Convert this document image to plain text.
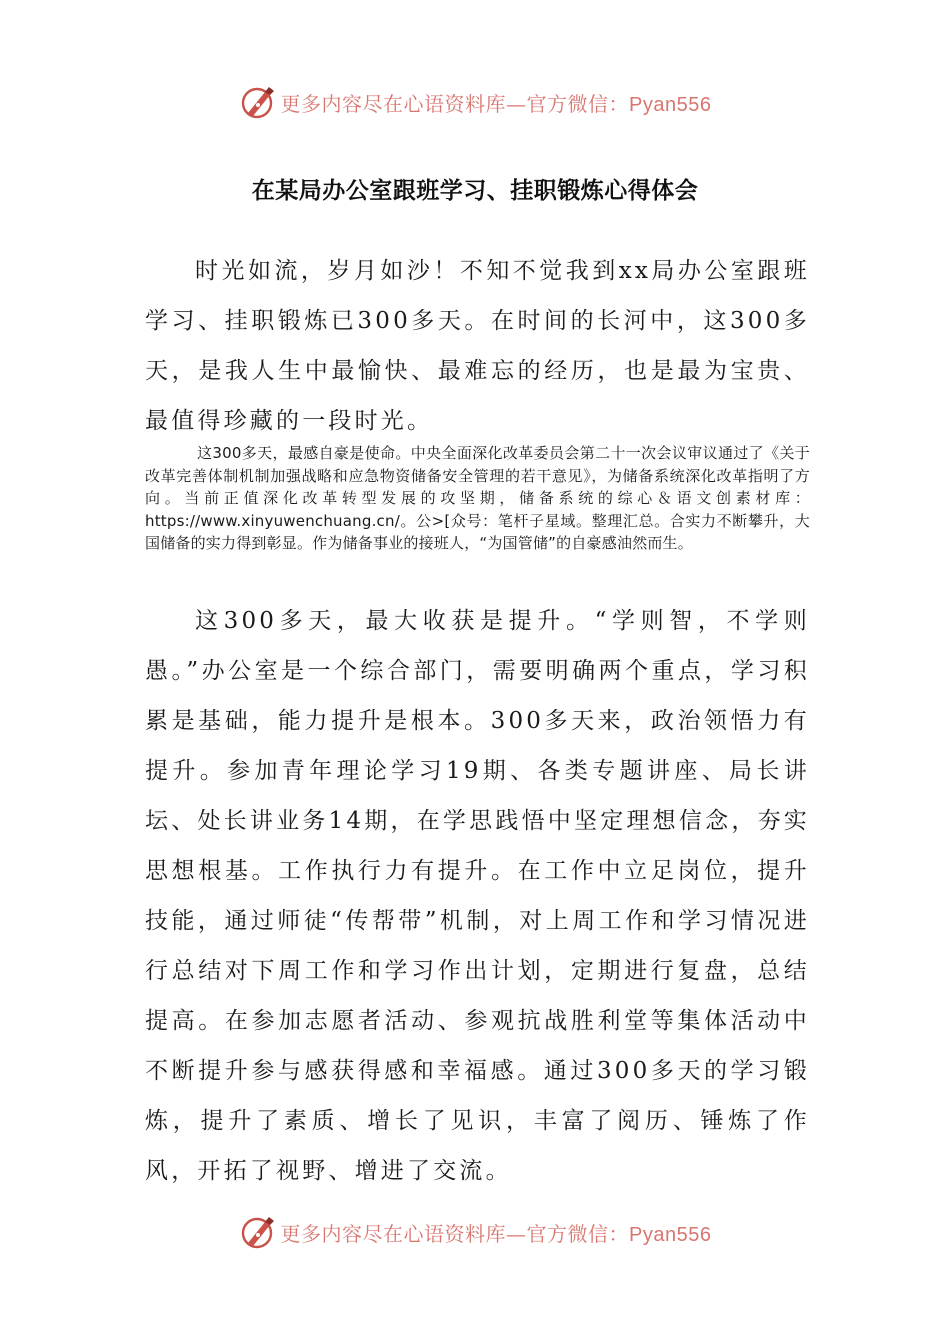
更多内容尽在心语资料库—官方微信：Pyan556
在某局办公室跟班学习、挂职锻炼心得体会

时光如流，岁月如沙！不知不觉我到xx局办公室跟班学习、挂职锻炼已300多天。在时间的长河中，这300多天，是我人生中最愉快、最难忘的经历，也是最为宝贵、最值得珍藏的一段时光。

这300多天，最感自豪是使命。中央全面深化改革委员会第二十一次会议审议通过了《关于改革完善体制机制加强战略和应急物资储备安全管理的若干意见》，为储备系统深化改革指明了方向。当前正值深化改革转型发展的攻坚期，储备系统的综心＆语文创素材库：https://www.xinyuwenchuang.cn/。公>[众号：笔杆子星域。整理汇总。合实力不断攀升，大国储备的实力得到彰显。作为储备事业的接班人，“为国管储”的自豪感油然而生。

这300多天，最大收获是提升。“学则智，不学则愚。”办公室是一个综合部门，需要明确两个重点，学习积累是基础，能力提升是根本。300多天来，政治领悟力有提升。参加青年理论学习19期、各类专题讲座、局长讲坛、处长讲业务14期，在学思践悟中坚定理想信念，夯实思想根基。工作执行力有提升。在工作中立足岗位，提升技能，通过师徒“传帮带”机制，对上周工作和学习情况进行总结对下周工作和学习作出计划，定期进行复盘，总结提高。在参加志愿者活动、参观抗战胜利堂等集体活动中不断提升参与感获得感和幸福感。通过300多天的学习锻炼，提升了素质、增长了见识，丰富了阅历、锤炼了作风，开拓了视野、增进了交流。

更多内容尽在心语资料库—官方微信：Pyan556
